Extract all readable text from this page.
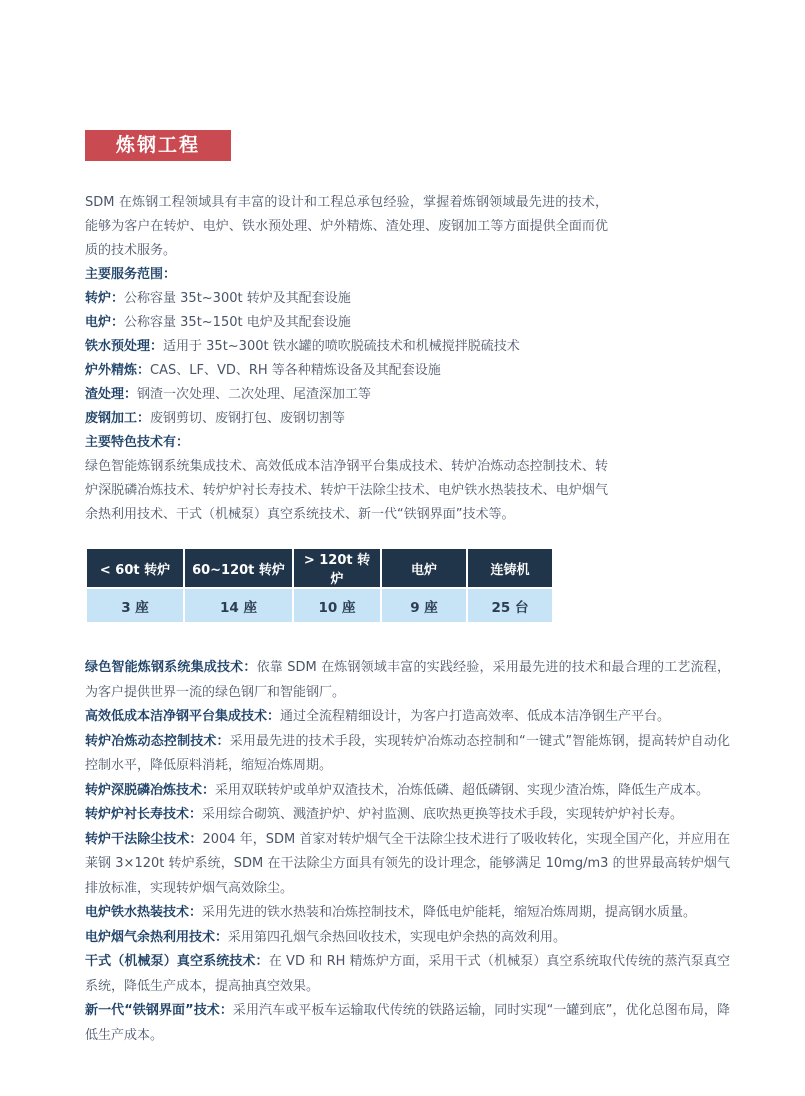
炼钢工程

SDM 在炼钢工程领域具有丰富的设计和工程总承包经验，掌握着炼钢领域最先进的技术，能够为客户在转炉、电炉、铁水预处理、炉外精炼、渣处理、废钢加工等方面提供全面而优质的技术服务。

主要服务范围：

转炉：公称容量 35t~300t 转炉及其配套设施

电炉：公称容量 35t~150t 电炉及其配套设施

铁水预处理：适用于 35t~300t 铁水罐的喷吹脱硫技术和机械搅拌脱硫技术

炉外精炼：CAS、LF、VD、RH 等各种精炼设备及其配套设施

渣处理：钢渣一次处理、二次处理、尾渣深加工等

废钢加工：废钢剪切、废钢打包、废钢切割等

主要特色技术有：

绿色智能炼钢系统集成技术、高效低成本洁净钢平台集成技术、转炉冶炼动态控制技术、转炉深脱磷冶炼技术、转炉炉衬长寿技术、转炉干法除尘技术、电炉铁水热装技术、电炉烟气余热利用技术、干式（机械泵）真空系统技术、新一代“铁钢界面”技术等。

< 60t 转炉	60~120t 转炉	> 120t 转炉	电炉	连铸机
3 座	14 座	10 座	9 座	25 台

绿色智能炼钢系统集成技术：依靠 SDM 在炼钢领域丰富的实践经验，采用最先进的技术和最合理的工艺流程，为客户提供世界一流的绿色钢厂和智能钢厂。

高效低成本洁净钢平台集成技术：通过全流程精细设计，为客户打造高效率、低成本洁净钢生产平台。

转炉冶炼动态控制技术：采用最先进的技术手段，实现转炉冶炼动态控制和“一键式”智能炼钢，提高转炉自动化控制水平，降低原料消耗，缩短冶炼周期。

转炉深脱磷冶炼技术：采用双联转炉或单炉双渣技术，冶炼低磷、超低磷钢、实现少渣冶炼，降低生产成本。

转炉炉衬长寿技术：采用综合砌筑、溅渣护炉、炉衬监测、底吹热更换等技术手段，实现转炉炉衬长寿。

转炉干法除尘技术：2004 年，SDM 首家对转炉烟气全干法除尘技术进行了吸收转化，实现全国产化，并应用在莱钢 3×120t 转炉系统，SDM 在干法除尘方面具有领先的设计理念，能够满足 10mg/m3 的世界最高转炉烟气排放标准，实现转炉烟气高效除尘。

电炉铁水热装技术：采用先进的铁水热装和冶炼控制技术，降低电炉能耗，缩短冶炼周期，提高钢水质量。

电炉烟气余热利用技术：采用第四孔烟气余热回收技术，实现电炉余热的高效利用。

干式（机械泵）真空系统技术：在 VD 和 RH 精炼炉方面，采用干式（机械泵）真空系统取代传统的蒸汽泵真空系统，降低生产成本，提高抽真空效果。

新一代“铁钢界面”技术：采用汽车或平板车运输取代传统的铁路运输，同时实现“一罐到底”，优化总图布局，降低生产成本。
